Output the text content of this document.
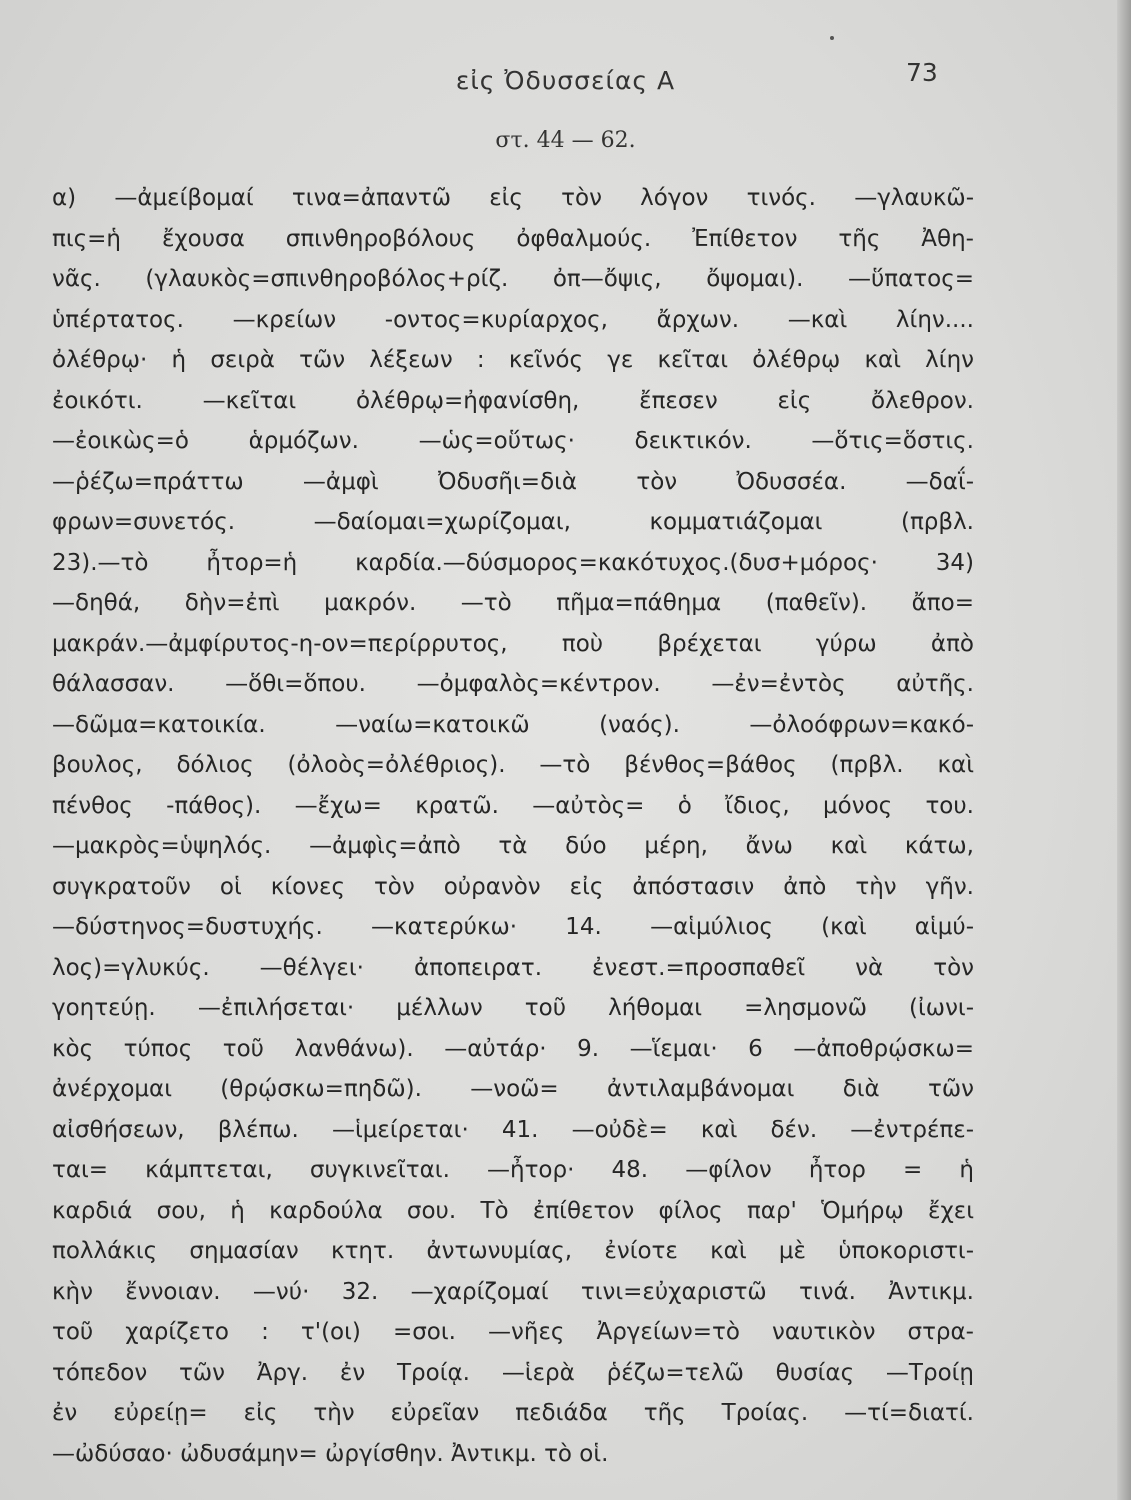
εἰς Ὀδυσσείας Α	73
στ. 44 — 62.
α) —ἀμείβομαί τινα=ἀπαντῶ εἰς τὸν λόγον τινός. —γλαυκῶ-
πις=ἡ ἔχουσα σπινθηροβόλους ὀφθαλμούς. Ἐπίθετον τῆς Ἀθη-
νᾶς. (γλαυκὸς=σπινθηροβόλος+ρίζ. ὀπ—ὄψις, ὄψομαι). —ὕπατος=
ὑπέρτατος. —κρείων -οντος=κυρίαρχος, ἄρχων. —καὶ λίην....
ὀλέθρῳ· ἡ σειρὰ τῶν λέξεων : κεῖνός γε κεῖται ὀλέθρῳ καὶ λίην
ἐοικότι. —κεῖται ὀλέθρῳ=ἠφανίσθη, ἔπεσεν εἰς ὄλεθρον.
—ἐοικὼς=ὁ ἁρμόζων. —ὡς=οὕτως· δεικτικόν. —ὅτις=ὅστις.
—ῥέζω=πράττω —ἀμφὶ Ὀδυσῆι=διὰ τὸν Ὀδυσσέα. —δαΐ-
φρων=συνετός. —δαίομαι=χωρίζομαι, κομματιάζομαι (πρβλ.
23).—τὸ ἦτορ=ἡ καρδία.—δύσμορος=κακότυχος.(δυσ+μόρος· 34)
—δηθά, δὴν=ἐπὶ μακρόν. —τὸ πῆμα=πάθημα (παθεῖν). ἄπο=
μακράν.—ἀμφίρυτος-η-ον=περίρρυτος, ποὺ βρέχεται γύρω ἀπὸ
θάλασσαν. —ὅθι=ὅπου. —ὀμφαλὸς=κέντρον. —ἐν=ἐντὸς αὐτῆς.
—δῶμα=κατοικία. —ναίω=κατοικῶ (ναός). —ὀλοόφρων=κακό-
βουλος, δόλιος (ὀλοὸς=ὀλέθριος). —τὸ βένθος=βάθος (πρβλ. καὶ
πένθος -πάθος). —ἔχω= κρατῶ. —αὐτὸς= ὁ ἴδιος, μόνος του.
—μακρὸς=ὑψηλός. —ἀμφὶς=ἀπὸ τὰ δύο μέρη, ἄνω καὶ κάτω,
συγκρατοῦν οἱ κίονες τὸν οὐρανὸν εἰς ἀπόστασιν ἀπὸ τὴν γῆν.
—δύστηνος=δυστυχής. —κατερύκω· 14. —αἱμύλιος (καὶ αἱμύ-
λος)=γλυκύς. —θέλγει· ἀποπειρατ. ἐνεστ.=προσπαθεῖ νὰ τὸν
γοητεύῃ. —ἐπιλήσεται· μέλλων τοῦ λήθομαι =λησμονῶ (ἰωνι-
κὸς τύπος τοῦ λανθάνω). —αὐτάρ· 9. —ἵεμαι· 6 —ἀποθρῴσκω=
ἀνέρχομαι (θρῴσκω=πηδῶ). —νοῶ= ἀντιλαμβάνομαι διὰ τῶν
αἰσθήσεων, βλέπω. —ἱμείρεται· 41. —οὐδὲ= καὶ δέν. —ἐντρέπε-
ται= κάμπτεται, συγκινεῖται. —ἦτορ· 48. —φίλον ἦτορ = ἡ
καρδιά σου, ἡ καρδούλα σου. Τὸ ἐπίθετον φίλος παρ' Ὁμήρῳ ἔχει
πολλάκις σημασίαν κτητ. ἀντωνυμίας, ἐνίοτε καὶ μὲ ὑποκοριστι-
κὴν ἔννοιαν. —νύ· 32. —χαρίζομαί τινι=εὐχαριστῶ τινά. Ἀντικμ.
τοῦ χαρίζετο : τ'(οι) =σοι. —νῆες Ἀργείων=τὸ ναυτικὸν στρα-
τόπεδον τῶν Ἀργ. ἐν Τροίᾳ. —ἱερὰ ῥέζω=τελῶ θυσίας —Τροίῃ
ἐν εὐρείῃ= εἰς τὴν εὐρεῖαν πεδιάδα τῆς Τροίας. —τί=διατί.
—ὠδύσαο· ὠδυσάμην= ὠργίσθην. Ἀντικμ. τὸ οἱ.
